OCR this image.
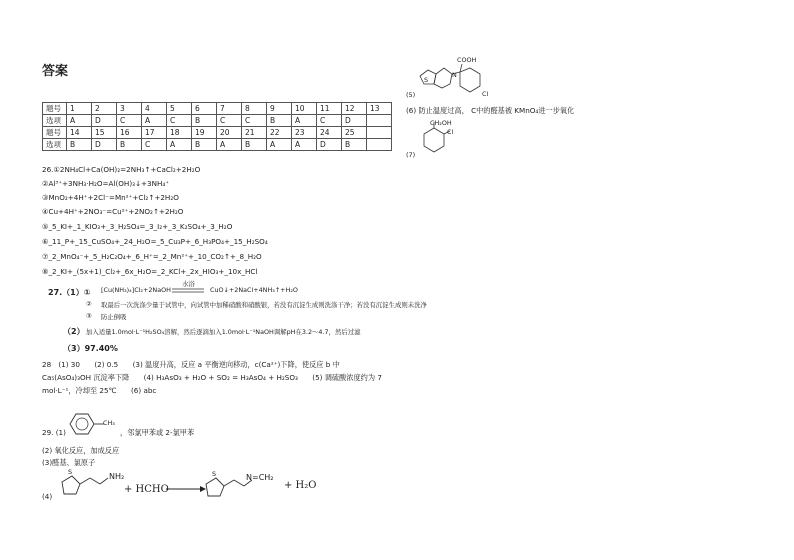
答案
题号	1	2	3	4	5	6	7	8	9	10	11	12	13
选项	A	D	C	A	C	B	C	C	B	A	C	D	
题号	14	15	16	17	18	19	20	21	22	23	24	25	
选项	B	D	B	C	A	B	A	B	A	A	D	B	
26.①2NH₄Cl+Ca(OH)₂=2NH₃↑+CaCl₂+2H₂O
②Al³⁺+3NH₃·H₂O=Al(OH)₃↓+3NH₄⁺
③MnO₂+4H⁺+2Cl⁻=Mn²⁺+Cl₂↑+2H₂O
④Cu+4H⁺+2NO₃⁻=Cu²⁺+2NO₂↑+2H₂O
⑤_5_KI+_1_KIO₃+_3_H₂SO₄=_3_I₂+_3_K₂SO₄+_3_H₂O
⑥_11_P+_15_CuSO₄+_24_H₂O=_5_Cu₃P+_6_H₃PO₄+_15_H₂SO₄
⑦_2_MnO₄⁻+_5_H₂C₂O₄+_6_H⁺=_2_Mn²⁺+_10_CO₂↑+_8_H₂O
⑧_2_KI+_(5x+1)_Cl₂+_6x_H₂O=_2_KCl+_2x_HIO₃+_10x_HCl
27.（1）① [Cu(NH₃)₄]Cl₂+2NaOH
水浴
CuO↓+2NaCl+4NH₃↑+H₂O
② 取最后一次洗涤少量于试管中，向试管中加稀硝酸和硝酸银，若没有沉淀生成则洗涤干净；若没有沉淀生成则未洗净
③ 防止倒吸
（2） 加入适量1.0mol·L⁻¹H₂SO₄溶解，然后逐滴加入1.0mol·L⁻¹NaOH调解pH在3.2～4.7，然后过滤
（3）97.40%
28　(1) 30　　(2) 0.5　　(3) 温度升高，反应 a 平衡逆向移动，c(Ca²⁺)下降，使反应 b 中
Ca₅(AsO₄)₃OH 沉淀率下降　　(4) H₃AsO₃ + H₂O + SO₂ = H₃AsO₄ + H₂SO₃　　(5) 调硫酸浓度约为 7
mol·L⁻¹，冷却至 25℃　　(6) abc
29. (1)
CH₃
，邻氯甲苯或 2-氯甲苯
(2) 氧化反应，加成反应
(3)醛基、氯原子
(4)
S	NH₂
+ HCHO
S	N=CH₂
+ H₂O
COOH
S
N
Cl
(5)
(6) 防止温度过高， C中的醛基被 KMnO₄进一步氧化
CH₂OH
Cl
(7)
